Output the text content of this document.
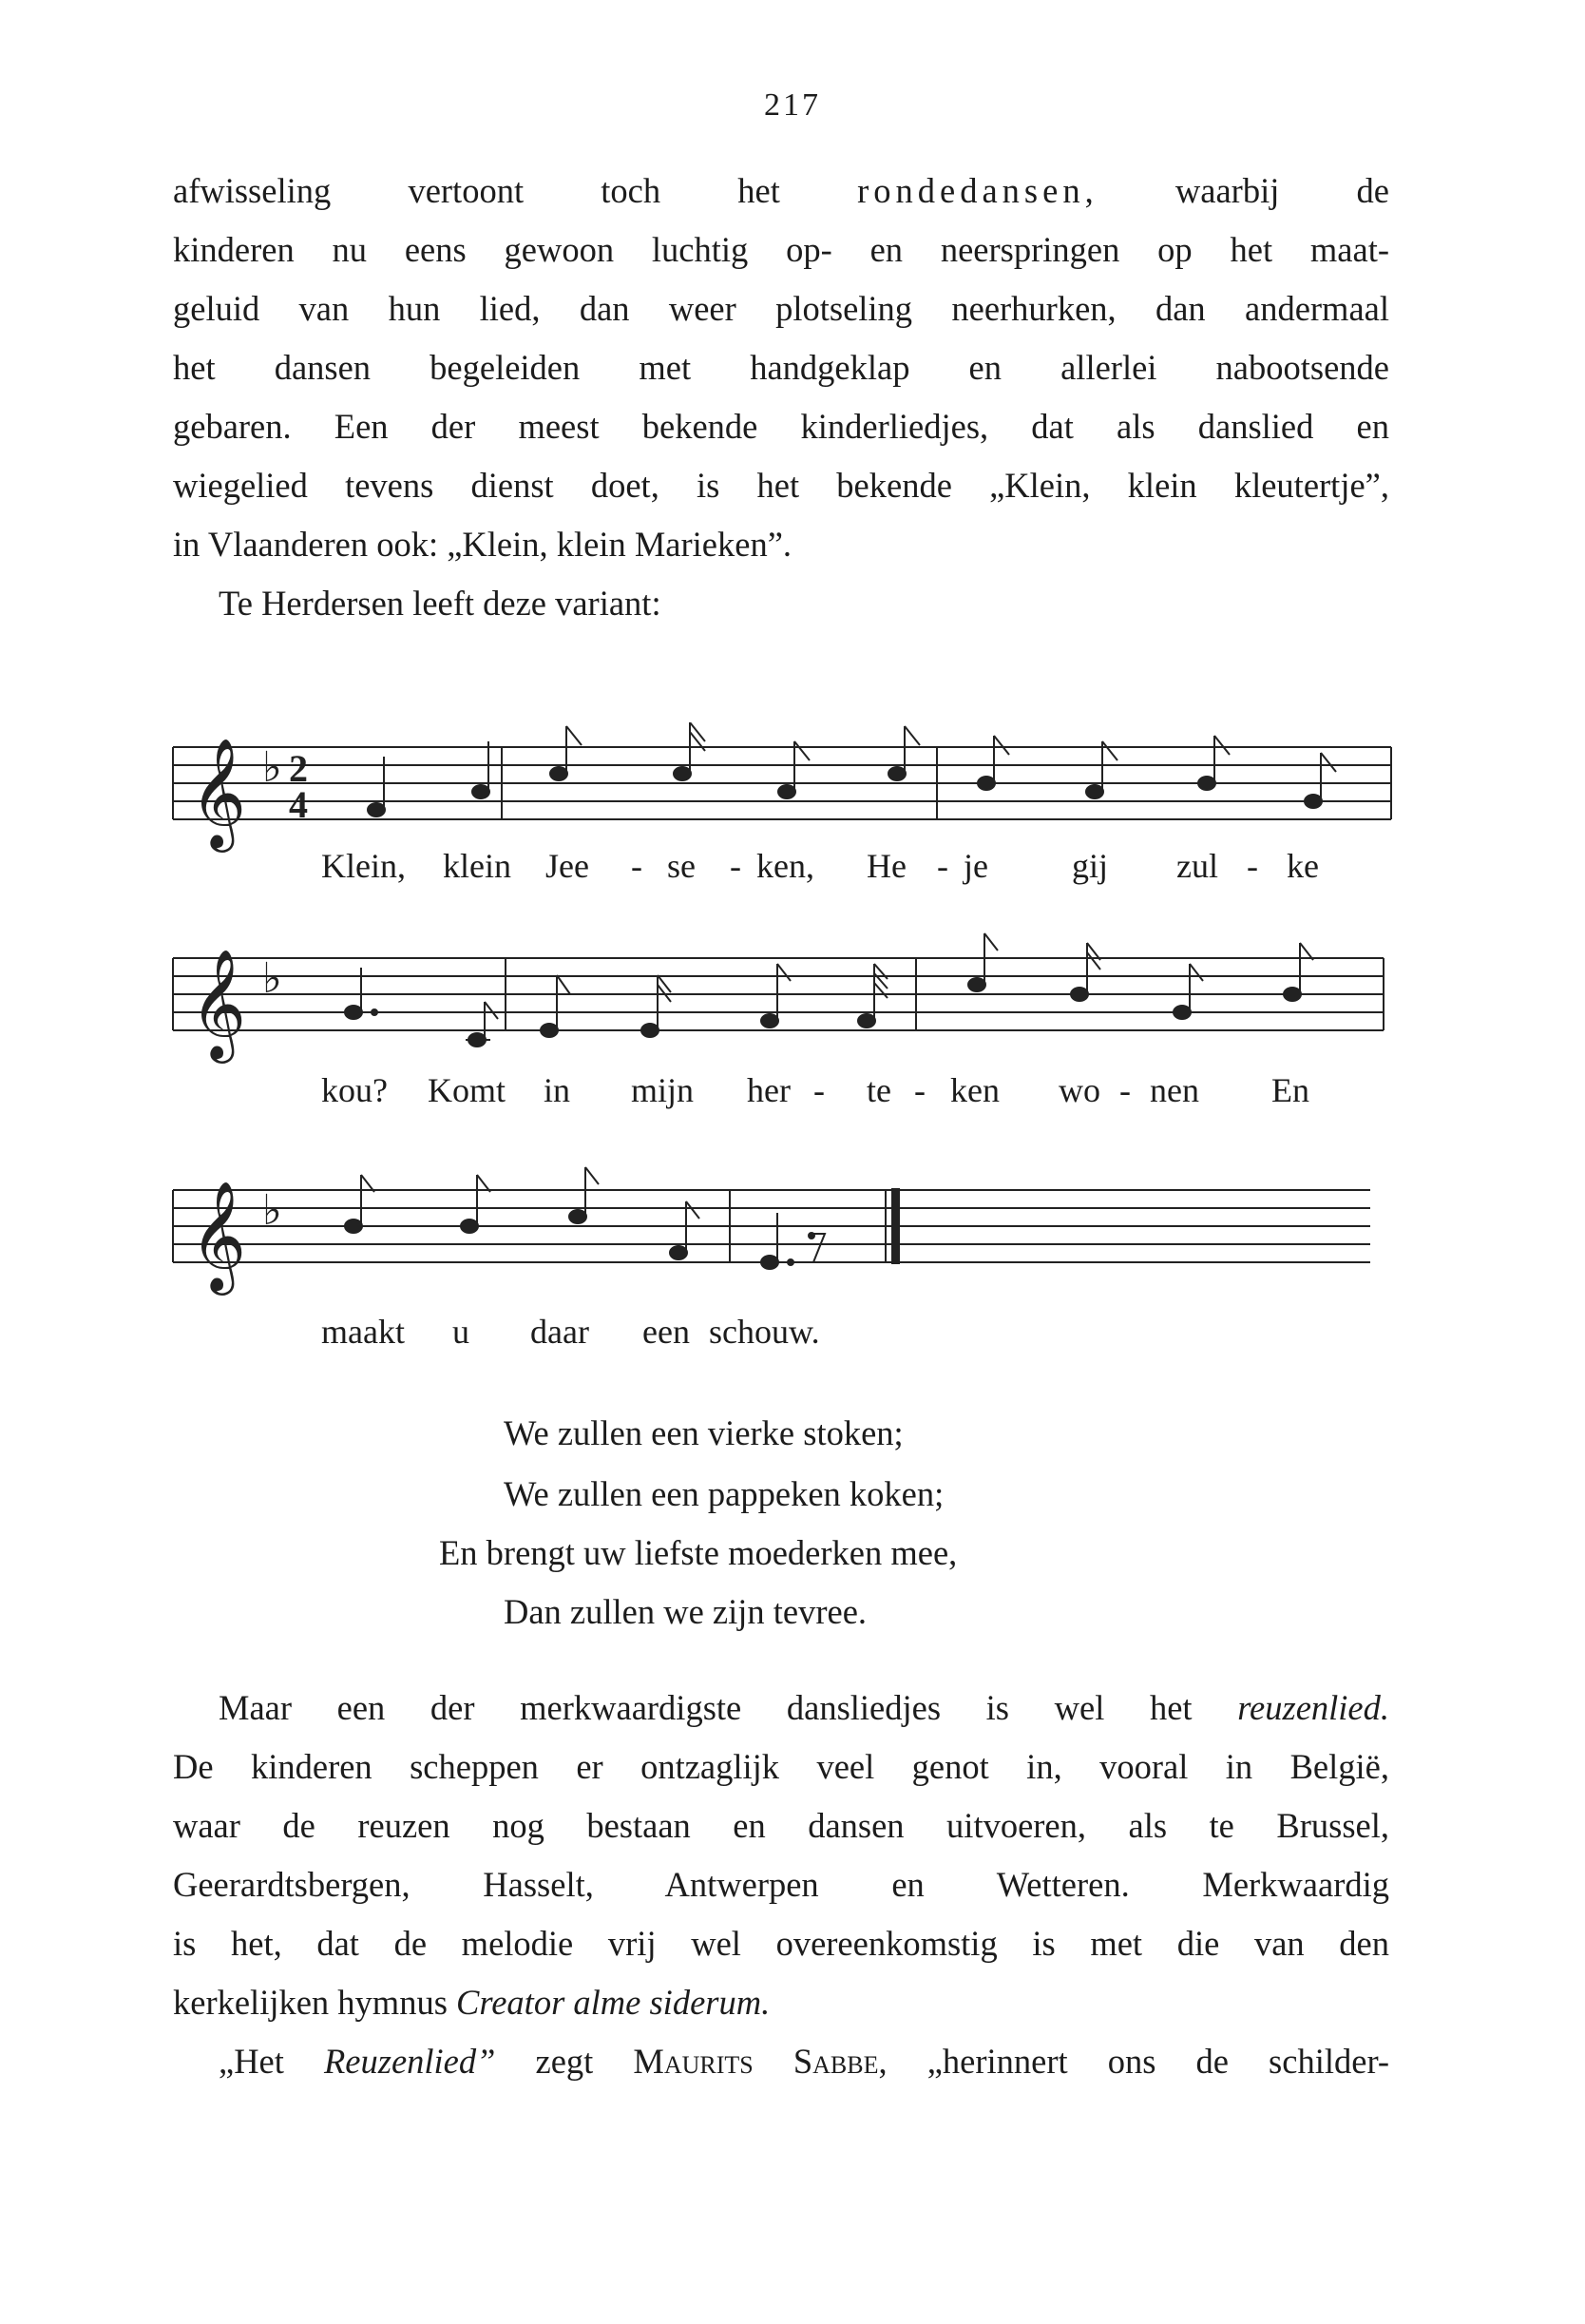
217
afwisseling vertoont toch het rondedansen, waarbij de
kinderen nu eens gewoon luchtig op- en neerspringen op het maat-
geluid van hun lied, dan weer plotseling neerhurken, dan andermaal
het dansen begeleiden met handgeklap en allerlei nabootsende
gebaren. Een der meest bekende kinderliedjes, dat als danslied en
wiegelied tevens dienst doet, is het bekende „Klein, klein kleutertje”,
in Vlaanderen ook: „Klein, klein Marieken”.
Te Herdersen leeft deze variant:
𝄞 ♭ 2
4
Klein, klein Jee - se - ken, He - je gij zul - ke
𝄞 ♭
kou? Komt in mijn her - te - ken wo - nen En
𝄞 ♭
maakt u daar een schouw.
We zullen een vierke stoken;
We zullen een pappeken koken;
En brengt uw liefste moederken mee,
Dan zullen we zijn tevree.
Maar een der merkwaardigste dansliedjes is wel het reuzenlied.
De kinderen scheppen er ontzaglijk veel genot in, vooral in België,
waar de reuzen nog bestaan en dansen uitvoeren, als te Brussel,
Geerardtsbergen, Hasselt, Antwerpen en Wetteren. Merkwaardig
is het, dat de melodie vrij wel overeenkomstig is met die van den
kerkelijken hymnus Creator alme siderum.
„Het Reuzenlied” zegt Maurits Sabbe, „herinnert ons de schilder-
